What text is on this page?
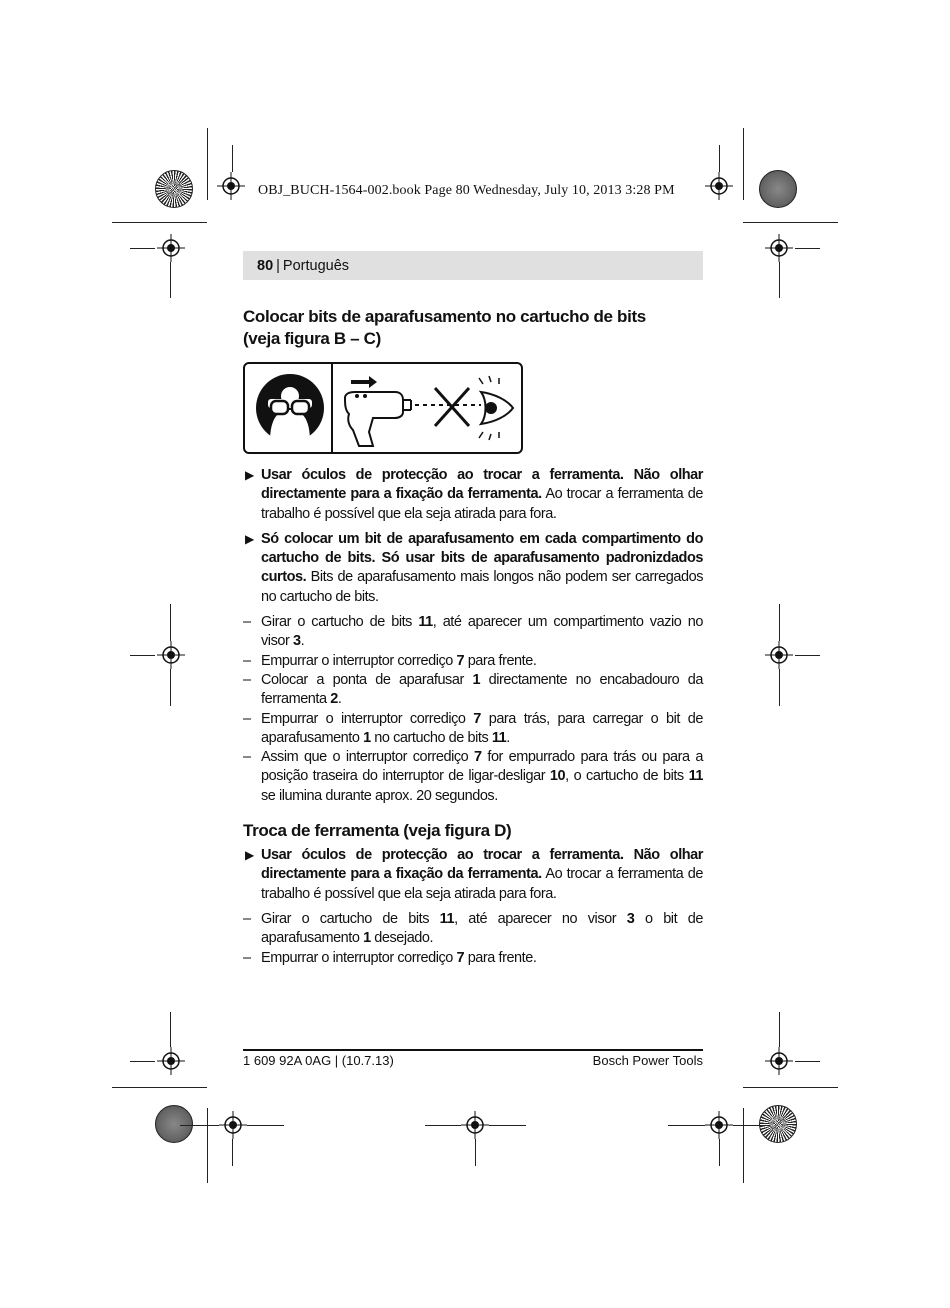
OBJ_BUCH-1564-002.book Page 80 Wednesday, July 10, 2013 3:28 PM
80 | Português
Colocar bits de aparafusamento no cartucho de bits
(veja figura B – C)

▶ Usar óculos de protecção ao trocar a ferramenta. Não olhar directamente para a fixação da ferramenta. Ao trocar a ferramenta de trabalho é possível que ela seja atirada para fora.

▶ Só colocar um bit de aparafusamento em cada compartimento do cartucho de bits. Só usar bits de aparafusamento padronizdados curtos. Bits de aparafusamento mais longos não podem ser carregados no cartucho de bits.

– Girar o cartucho de bits 11, até aparecer um compartimento vazio no visor 3.

– Empurrar o interruptor corrediço 7 para frente.

– Colocar a ponta de aparafusar 1 directamente no encabadouro da ferramenta 2.

– Empurrar o interruptor corrediço 7 para trás, para carregar o bit de aparafusamento 1 no cartucho de bits 11.

– Assim que o interruptor corrediço 7 for empurrado para trás ou para a posição traseira do interruptor de ligar-desligar 10, o cartucho de bits 11 se ilumina durante aprox. 20 segundos.

Troca de ferramenta (veja figura D)

▶ Usar óculos de protecção ao trocar a ferramenta. Não olhar directamente para a fixação da ferramenta. Ao trocar a ferramenta de trabalho é possível que ela seja atirada para fora.

– Girar o cartucho de bits 11, até aparecer no visor 3 o bit de aparafusamento 1 desejado.

– Empurrar o interruptor corrediço 7 para frente.

1 609 92A 0AG | (10.7.13)	Bosch Power Tools
